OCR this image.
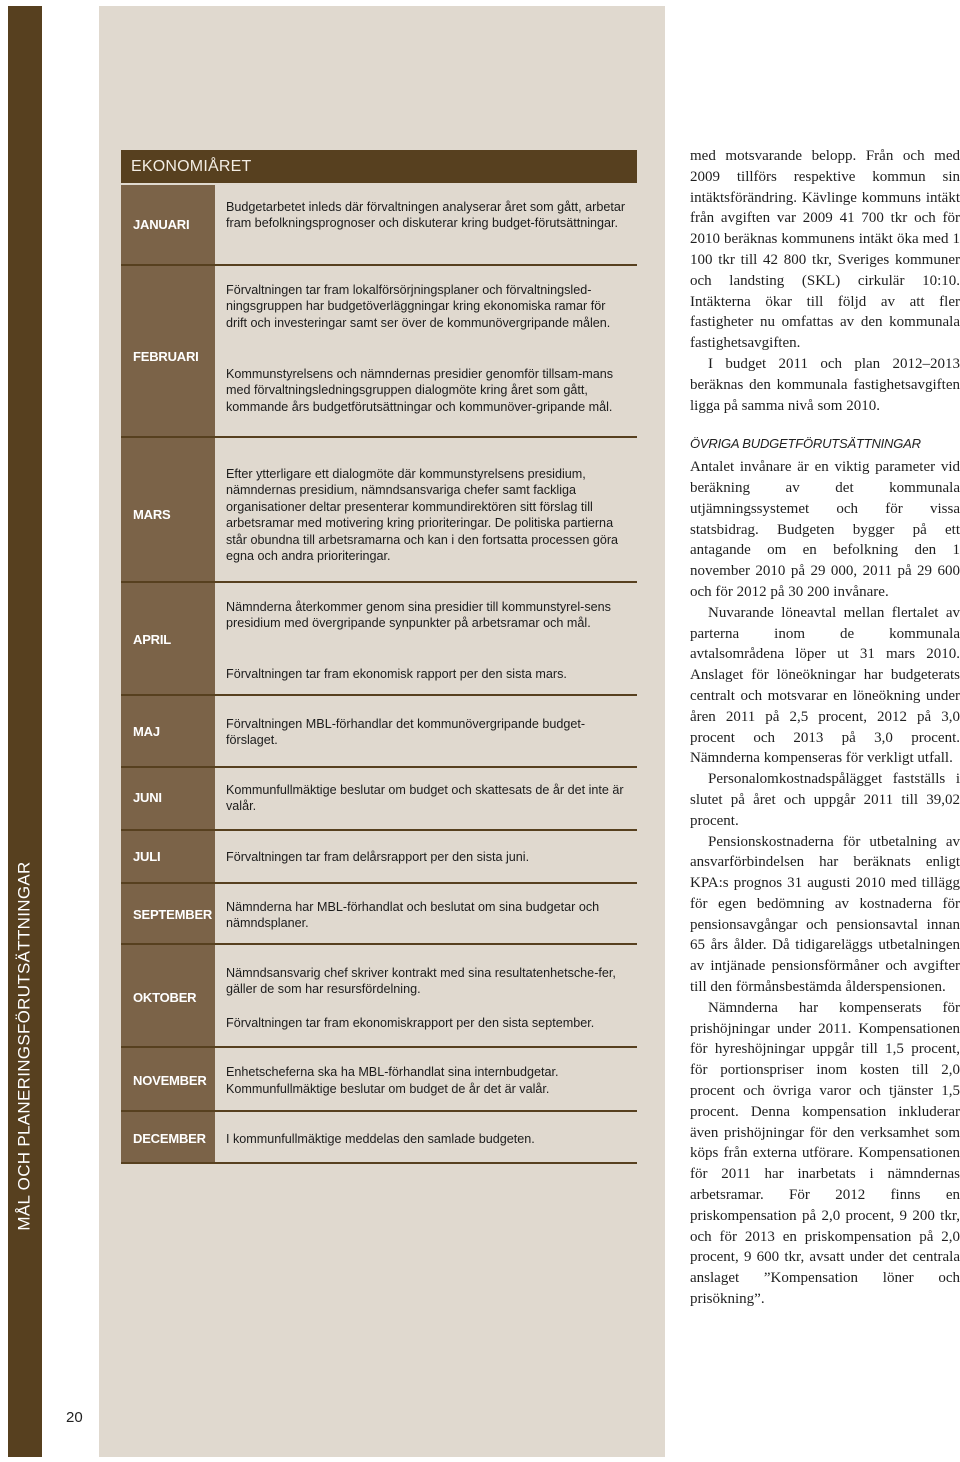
MÅL OCH PLANERINGSFÖRUTSÄTTNINGAR
20
EKONOMIÅRET
JANUARI
FEBRUARI
MARS
APRIL
MAJ
JUNI
JULI
SEPTEMBER
OKTOBER
NOVEMBER
DECEMBER
Budgetarbetet inleds där förvaltningen analyserar året som gått, arbetar fram befolkningsprognoser och diskuterar kring budget-förutsättningar.
Förvaltningen tar fram lokalförsörjningsplaner och förvaltningsled-ningsgruppen har budgetöverläggningar kring ekonomiska ramar för drift och investeringar samt ser över de kommunövergripande målen.
Kommunstyrelsens och nämndernas presidier genomför tillsam-mans med förvaltningsledningsgruppen dialogmöte kring året som gått, kommande års budgetförutsättningar och kommunöver-gripande mål.
Efter ytterligare ett dialogmöte där kommunstyrelsens presidium, nämndernas presidium, nämndsansvariga chefer samt fackliga organisationer deltar presenterar kommundirektören sitt förslag till arbetsramar med motivering kring prioriteringar. De politiska partierna står obundna till arbetsramarna och kan i den fortsatta processen göra egna och andra prioriteringar.
Nämnderna återkommer genom sina presidier till kommunstyrel-sens presidium med övergripande synpunkter på arbetsramar och mål.
Förvaltningen tar fram ekonomisk rapport per den sista mars.
Förvaltningen MBL-förhandlar det kommunövergripande budget-förslaget.
Kommunfullmäktige beslutar om budget och skattesats de år det inte är valår.
Förvaltningen tar fram delårsrapport per den sista juni.
Nämnderna har MBL-förhandlat och beslutat om sina budgetar och nämndsplaner.
Nämndsansvarig chef skriver kontrakt med sina resultatenhetsche-fer, gäller de som har resursfördelning.
Förvaltningen tar fram ekonomiskrapport per den sista september.
Enhetscheferna ska ha MBL-förhandlat sina internbudgetar.
Kommunfullmäktige beslutar om budget de år det är valår.
I kommunfullmäktige meddelas den samlade budgeten.

med motsvarande belopp. Från och med 2009 tillförs respektive kommun sin intäktsförändring. Kävlinge kommuns intäkt från avgiften var 2009 41 700 tkr och för 2010 beräknas kommunens intäkt öka med 1 100 tkr till 42 800 tkr, Sveriges kommuner och landsting (SKL) cirkulär 10:10. Intäkterna ökar till följd av att fler fastigheter nu omfattas av den kommunala fastighetsavgiften.

I budget 2011 och plan 2012–2013 beräknas den kommunala fastighetsavgiften ligga på samma nivå som 2010.

ÖVRIGA BUDGETFÖRUTSÄTTNINGAR

Antalet invånare är en viktig parameter vid beräkning av det kommunala utjämningssystemet och för vissa statsbidrag. Budgeten bygger på ett antagande om en befolkning den 1 november 2010 på 29 000, 2011 på 29 600 och för 2012 på 30 200 invånare.

Nuvarande löneavtal mellan flertalet av parterna inom de kommunala avtalsområdena löper ut 31 mars 2010. Anslaget för löneökningar har budgeterats centralt och motsvarar en löneökning under åren 2011 på 2,5 procent, 2012 på 3,0 procent och 2013 på 3,0 procent. Nämnderna kompenseras för verkligt utfall.

Personalomkostnadspålägget fastställs i slutet på året och uppgår 2011 till 39,02 procent.

Pensionskostnaderna för utbetalning av ansvarförbindelsen har beräknats enligt KPA:s prognos 31 augusti 2010 med tillägg för egen bedömning av kostnaderna för pensionsavgångar och pensionsavtal innan 65 års ålder. Då tidigareläggs utbetalningen av intjänade pensionsförmåner och avgifter till den förmånsbestämda ålderspensionen.

Nämnderna har kompenserats för prishöjningar under 2011. Kompensationen för hyreshöjningar uppgår till 1,5 procent, för portionspriser inom kosten till 2,0 procent och övriga varor och tjänster 1,5 procent. Denna kompensation inkluderar även prishöjningar för den verksamhet som köps från externa utförare. Kompensationen för 2011 har inarbetats i nämndernas arbetsramar. För 2012 finns en priskompensation på 2,0 procent, 9 200 tkr, och för 2013 en priskompensation på 2,0 procent, 9 600 tkr, avsatt under det centrala anslaget ”Kompensation löner och prisökning”.
